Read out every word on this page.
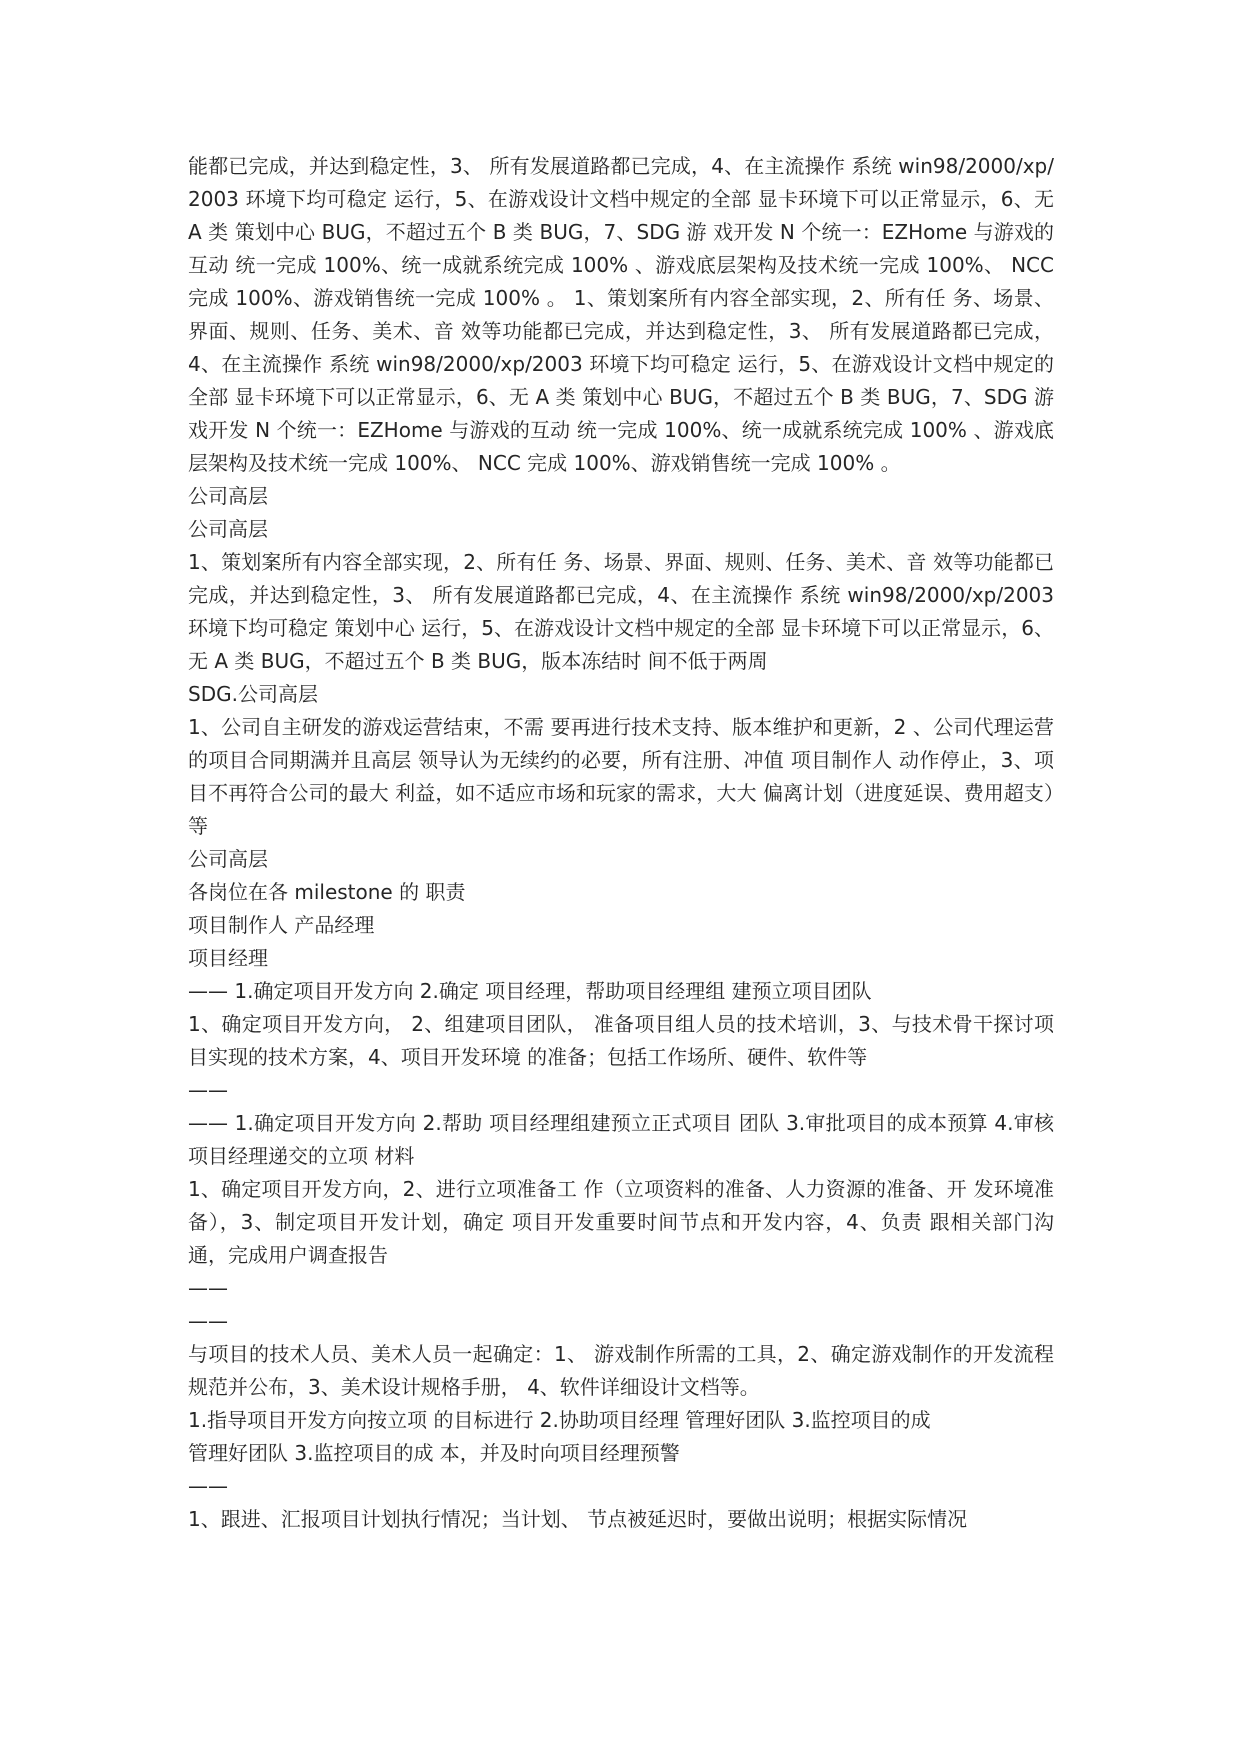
能都已完成，并达到稳定性，3、 所有发展道路都已完成，4、在主流操作 系统 win98/2000/xp/2003 环境下均可稳定 运行，5、在游戏设计文档中规定的全部 显卡环境下可以正常显示，6、无 A 类 策划中心 BUG，不超过五个 B 类 BUG，7、SDG 游 戏开发 N 个统一：EZHome 与游戏的互动 统一完成 100%、统一成就系统完成 100% 、游戏底层架构及技术统一完成 100%、 NCC 完成 100%、游戏销售统一完成 100% 。 1、策划案所有内容全部实现，2、所有任 务、场景、界面、规则、任务、美术、音 效等功能都已完成，并达到稳定性，3、 所有发展道路都已完成，4、在主流操作 系统 win98/2000/xp/2003 环境下均可稳定 运行，5、在游戏设计文档中规定的全部 显卡环境下可以正常显示，6、无 A 类 策划中心 BUG，不超过五个 B 类 BUG，7、SDG 游 戏开发 N 个统一：EZHome 与游戏的互动 统一完成 100%、统一成就系统完成 100% 、游戏底层架构及技术统一完成 100%、 NCC 完成 100%、游戏销售统一完成 100% 。

公司高层

公司高层

1、策划案所有内容全部实现，2、所有任 务、场景、界面、规则、任务、美术、音 效等功能都已完成，并达到稳定性，3、 所有发展道路都已完成，4、在主流操作 系统 win98/2000/xp/2003 环境下均可稳定 策划中心 运行，5、在游戏设计文档中规定的全部 显卡环境下可以正常显示，6、无 A 类 BUG，不超过五个 B 类 BUG，版本冻结时 间不低于两周

SDG.公司高层

1、公司自主研发的游戏运营结束，不需 要再进行技术支持、版本维护和更新，2 、公司代理运营的项目合同期满并且高层 领导认为无续约的必要，所有注册、冲值 项目制作人 动作停止，3、项目不再符合公司的最大 利益，如不适应市场和玩家的需求，大大 偏离计划（进度延误、费用超支）等

公司高层

各岗位在各 milestone 的 职责

项目制作人 产品经理

项目经理

—— 1.确定项目开发方向 2.确定 项目经理，帮助项目经理组 建预立项目团队

1、确定项目开发方向， 2、组建项目团队， 准备项目组人员的技术培训，3、与技术骨干探讨项目实现的技术方案，4、项目开发环境 的准备；包括工作场所、硬件、软件等

——

—— 1.确定项目开发方向 2.帮助 项目经理组建预立正式项目 团队 3.审批项目的成本预算 4.审核项目经理递交的立项 材料

1、确定项目开发方向，2、进行立项准备工 作（立项资料的准备、人力资源的准备、开 发环境准备），3、制定项目开发计划，确定 项目开发重要时间节点和开发内容，4、负责 跟相关部门沟通，完成用户调查报告

——

——

与项目的技术人员、美术人员一起确定：1、 游戏制作所需的工具，2、确定游戏制作的开发流程规范并公布，3、美术设计规格手册， 4、软件详细设计文档等。

1.指导项目开发方向按立项 的目标进行 2.协助项目经理 管理好团队 3.监控项目的成

管理好团队 3.监控项目的成 本，并及时向项目经理预警

——

1、跟进、汇报项目计划执行情况；当计划、 节点被延迟时，要做出说明；根据实际情况
